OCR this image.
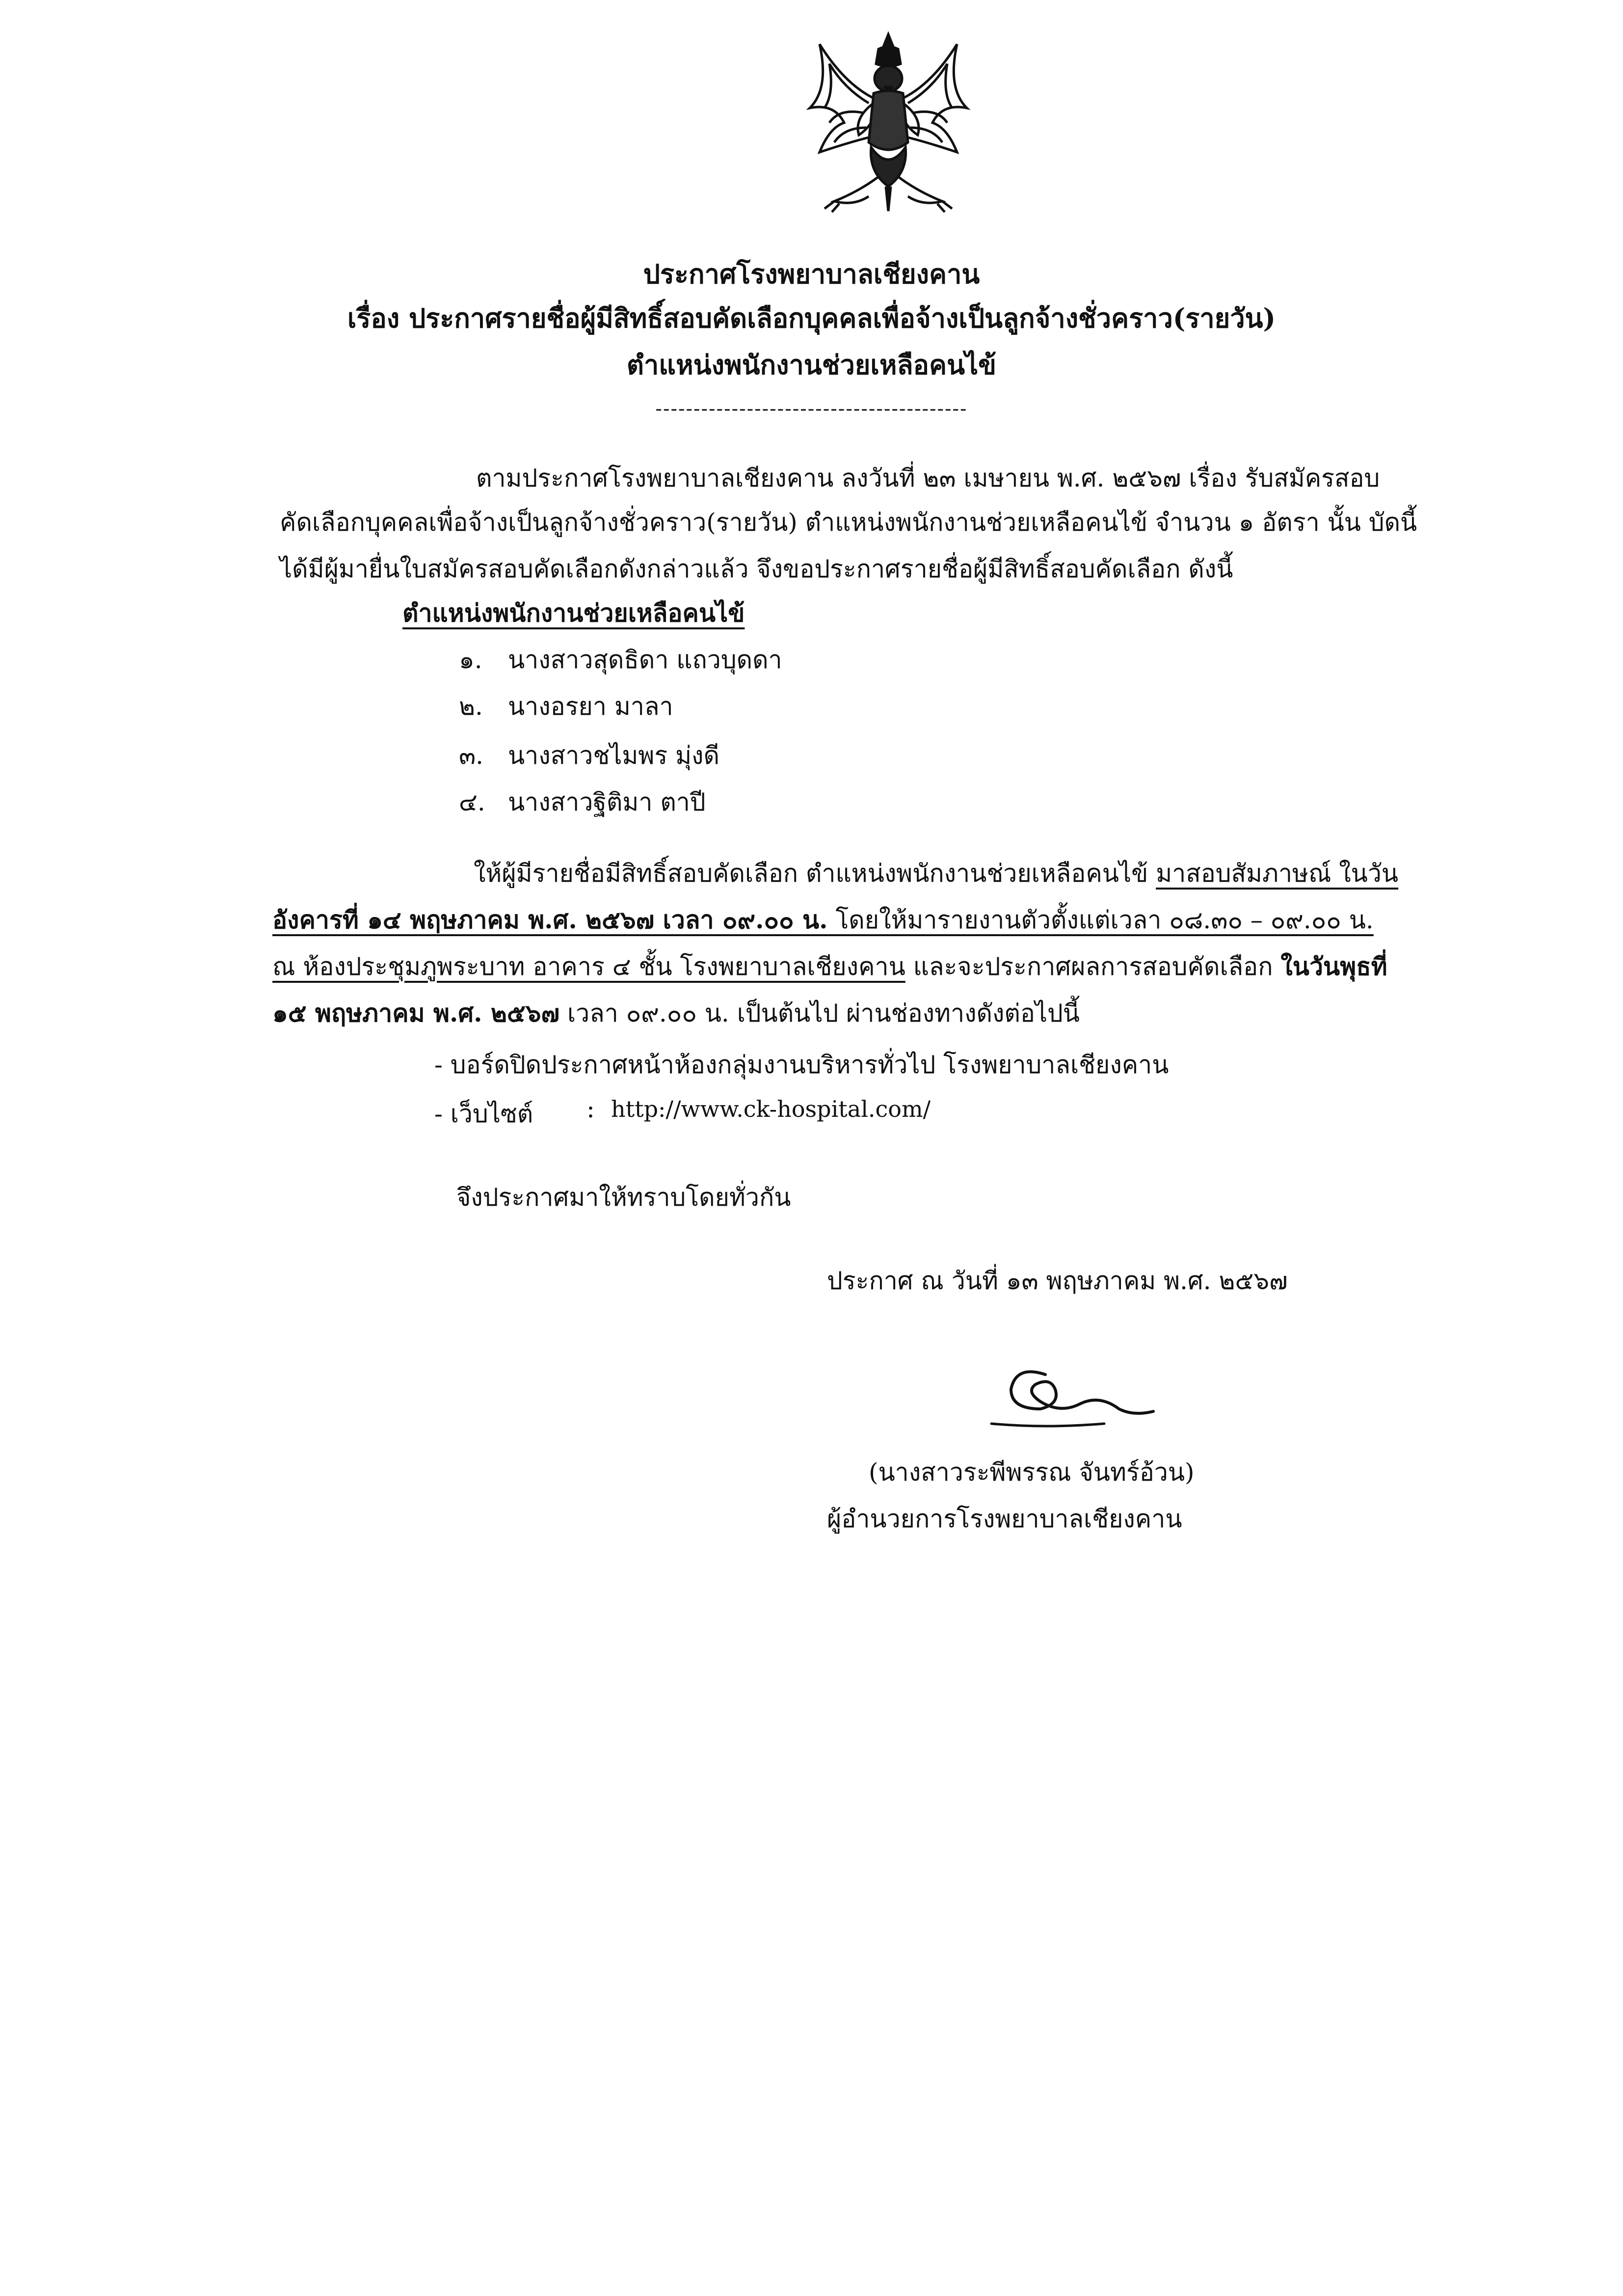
ประกาศโรงพยาบาลเชียงคาน
เรื่อง ประกาศรายชื่อผู้มีสิทธิ์สอบคัดเลือกบุคคลเพื่อจ้างเป็นลูกจ้างชั่วคราว(รายวัน)
ตำแหน่งพนักงานช่วยเหลือคนไข้
-----------------------------------------
ตามประกาศโรงพยาบาลเชียงคาน ลงวันที่ ๒๓ เมษายน พ.ศ. ๒๕๖๗ เรื่อง รับสมัครสอบ
คัดเลือกบุคคลเพื่อจ้างเป็นลูกจ้างชั่วคราว(รายวัน) ตำแหน่งพนักงานช่วยเหลือคนไข้ จำนวน ๑ อัตรา นั้น บัดนี้
ได้มีผู้มายื่นใบสมัครสอบคัดเลือกดังกล่าวแล้ว จึงขอประกาศรายชื่อผู้มีสิทธิ์สอบคัดเลือก ดังนี้
ตำแหน่งพนักงานช่วยเหลือคนไข้
๑. นางสาวสุดธิดา แถวบุดดา
๒. นางอรยา มาลา
๓. นางสาวชไมพร มุ่งดี
๔. นางสาวฐิติมา ตาปี
ให้ผู้มีรายชื่อมีสิทธิ์สอบคัดเลือก ตำแหน่งพนักงานช่วยเหลือคนไข้ มาสอบสัมภาษณ์ ในวัน
อังคารที่ ๑๔ พฤษภาคม พ.ศ. ๒๕๖๗ เวลา ๐๙.๐๐ น. โดยให้มารายงานตัวตั้งแต่เวลา ๐๘.๓๐ – ๐๙.๐๐ น.
ณ ห้องประชุมภูพระบาท อาคาร ๔ ชั้น โรงพยาบาลเชียงคาน และจะประกาศผลการสอบคัดเลือก ในวันพุธที่
๑๕ พฤษภาคม พ.ศ. ๒๕๖๗ เวลา ๐๙.๐๐ น. เป็นต้นไป ผ่านช่องทางดังต่อไปนี้
- บอร์ดปิดประกาศหน้าห้องกลุ่มงานบริหารทั่วไป โรงพยาบาลเชียงคาน
- เว็บไซต์ : http://www.ck-hospital.com/
จึงประกาศมาให้ทราบโดยทั่วกัน
ประกาศ ณ วันที่ ๑๓ พฤษภาคม พ.ศ. ๒๕๖๗
(นางสาวระพีพรรณ จันทร์อ้วน)
ผู้อำนวยการโรงพยาบาลเชียงคาน
